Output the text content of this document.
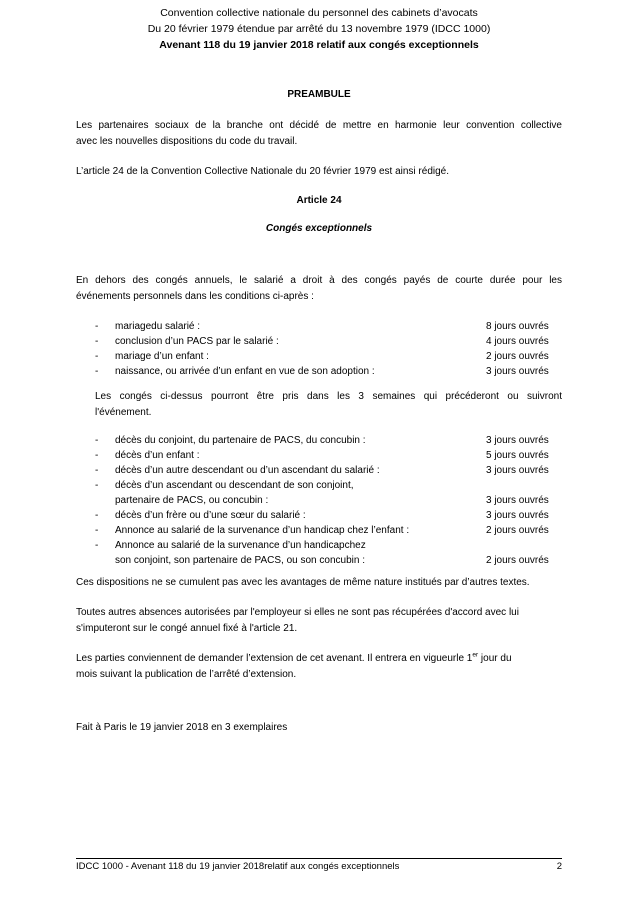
Convention collective nationale du personnel des cabinets d’avocats
Du 20 février 1979 étendue par arrêté du 13 novembre 1979 (IDCC 1000)
Avenant 118 du 19 janvier 2018 relatif aux congés exceptionnels
PREAMBULE
Les partenaires sociaux de la branche ont décidé de mettre en harmonie leur convention collective
avec les nouvelles dispositions du code du travail.
L’article 24 de la Convention Collective Nationale du 20 février 1979 est ainsi rédigé.
Article 24
Congés exceptionnels
En dehors des congés annuels, le salarié a droit à des congés payés de courte durée pour les
événements personnels dans les conditions ci-après :
- mariagedu salarié :	8 jours ouvrés
- conclusion d’un PACS par le salarié :	4 jours ouvrés
- mariage d’un enfant :	2 jours ouvrés
- naissance, ou arrivée d’un enfant en vue de son adoption :	3 jours ouvrés
Les congés ci-dessus pourront être pris dans les 3 semaines qui précéderont ou suivront
l'événement.
- décès du conjoint, du partenaire de PACS, du concubin :	3 jours ouvrés
- décès d’un enfant :	5 jours ouvrés
- décès d’un autre descendant ou d’un ascendant du salarié :	3 jours ouvrés
- décès d’un ascendant ou descendant de son conjoint,
partenaire de PACS, ou concubin :	3 jours ouvrés
- décès d’un frère ou d’une sœur du salarié :	3 jours ouvrés
- Annonce au salarié de la survenance d’un handicap chez l’enfant :	2 jours ouvrés
- Annonce au salarié de la survenance d’un handicapchez
son conjoint, son partenaire de PACS, ou son concubin :	2 jours ouvrés
Ces dispositions ne se cumulent pas avec les avantages de même nature institués par d’autres textes.
Toutes autres absences autorisées par l'employeur si elles ne sont pas récupérées d'accord avec lui
s'imputeront sur le congé annuel fixé à l'article 21.
Les parties conviennent de demander l’extension de cet avenant. Il entrera en vigueurle 1er jour du
mois suivant la publication de l’arrêté d’extension.
Fait à Paris le 19 janvier 2018 en 3 exemplaires
IDCC 1000 - Avenant 118 du 19 janvier 2018relatif aux congés exceptionnels	2
